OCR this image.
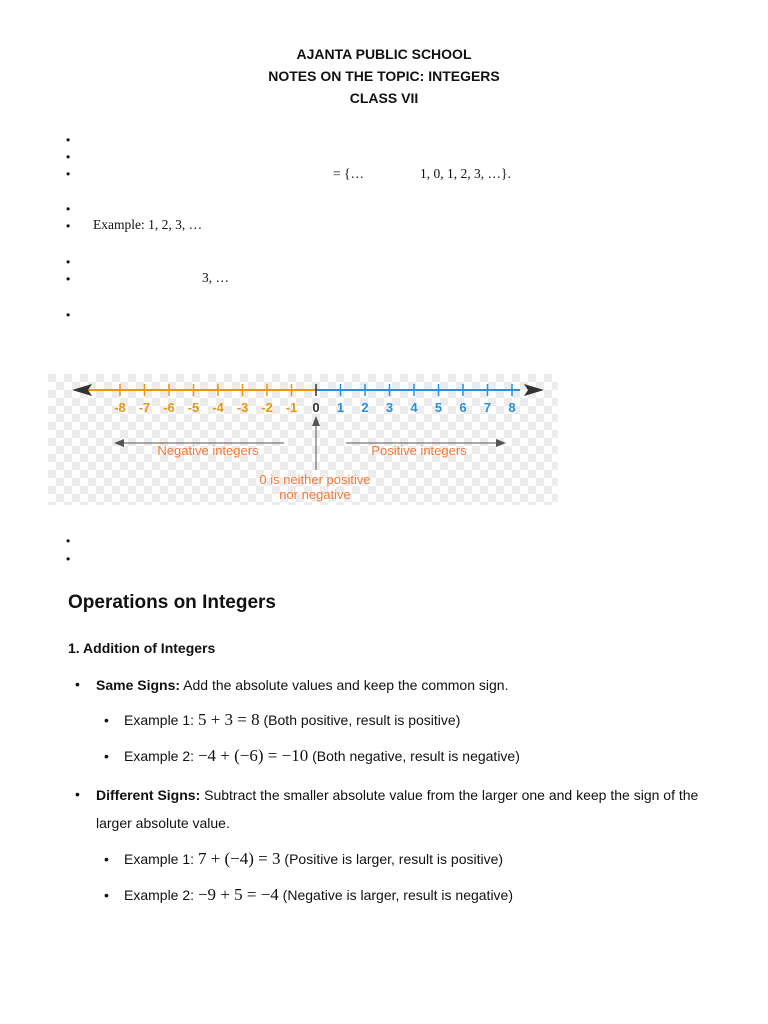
AJANTA PUBLIC SCHOOL
NOTES ON THE TOPIC: INTEGERS
CLASS VII
•
•
•	= {…	1, 0, 1, 2, 3, …}.
•
• Example: 1, 2, 3, …
•
•	3, …
•
-8 -7 -6 -5 -4 -3 -2 -1 0 1 2 3 4 5 6 7 8
Negative integers	Positive integers
0 is neither positive
nor negative
•
•
Operations on Integers
1. Addition of Integers
• Same Signs: Add the absolute values and keep the common sign.
• Example 1: 5 + 3 = 8 (Both positive, result is positive)
• Example 2: −4 + (−6) = −10 (Both negative, result is negative)
• Different Signs: Subtract the smaller absolute value from the larger one and keep the sign of the
larger absolute value.
• Example 1: 7 + (−4) = 3 (Positive is larger, result is positive)
• Example 2: −9 + 5 = −4 (Negative is larger, result is negative)
